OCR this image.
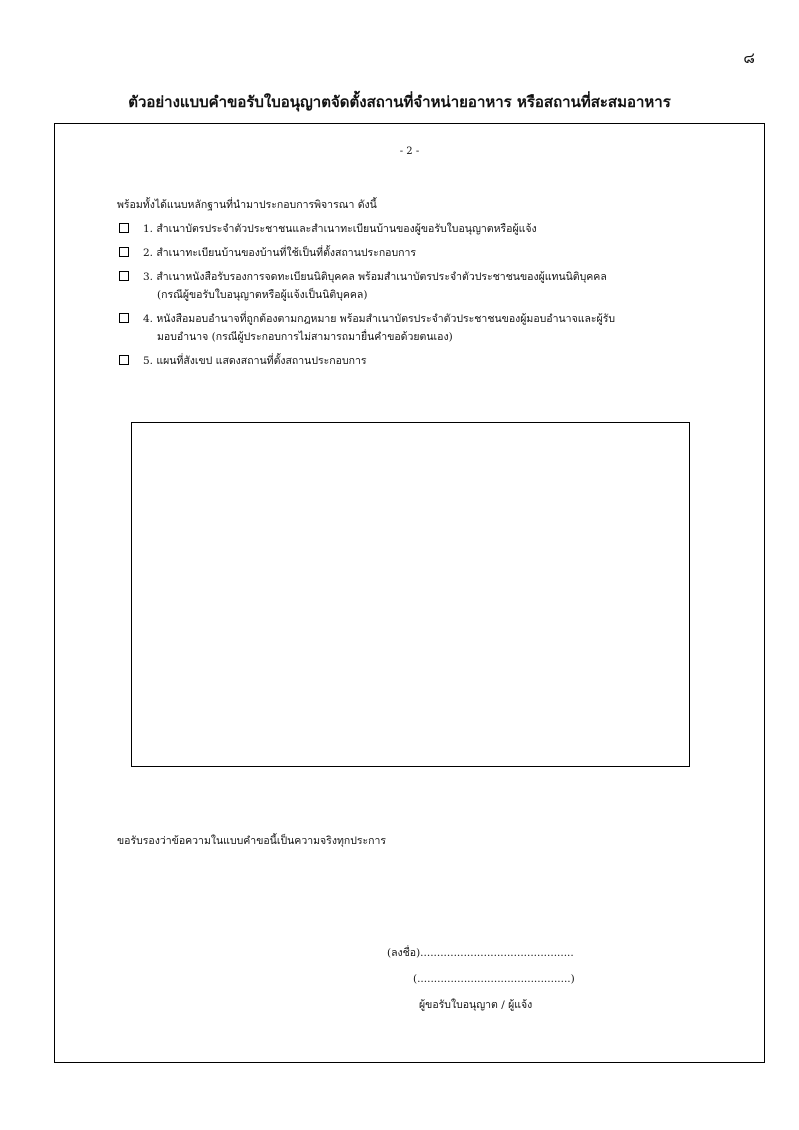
๘
ตัวอย่างแบบคำขอรับใบอนุญาตจัดตั้งสถานที่จำหน่ายอาหาร หรือสถานที่สะสมอาหาร
- 2 -
พร้อมทั้งได้แนบหลักฐานที่นำมาประกอบการพิจารณา ดังนี้
1. สำเนาบัตรประจำตัวประชาชนและสำเนาทะเบียนบ้านของผู้ขอรับใบอนุญาตหรือผู้แจ้ง
2. สำเนาทะเบียนบ้านของบ้านที่ใช้เป็นที่ตั้งสถานประกอบการ
3. สำเนาหนังสือรับรองการจดทะเบียนนิติบุคคล พร้อมสำเนาบัตรประจำตัวประชาชนของผู้แทนนิติบุคคล
(กรณีผู้ขอรับใบอนุญาตหรือผู้แจ้งเป็นนิติบุคคล)
4. หนังสือมอบอำนาจที่ถูกต้องตามกฎหมาย พร้อมสำเนาบัตรประจำตัวประชาชนของผู้มอบอำนาจและผู้รับ
มอบอำนาจ (กรณีผู้ประกอบการไม่สามารถมายื่นคำขอด้วยตนเอง)
5. แผนที่สังเขป แสดงสถานที่ตั้งสถานประกอบการ
ขอรับรองว่าข้อความในแบบคำขอนี้เป็นความจริงทุกประการ
(ลงชื่อ)..............................................
(..............................................)
ผู้ขอรับใบอนุญาต / ผู้แจ้ง
